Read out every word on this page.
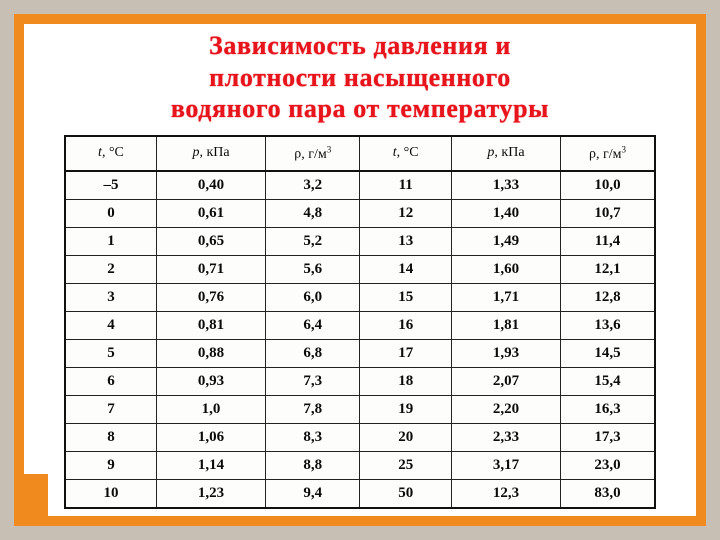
Зависимость давления и
плотности насыщенного
водяного пара от температуры
t, °C	p, кПа	ρ, $г/м^3$	t, °C	p, кПа	ρ, $г/м^3$
–5	0,40	3,2	11	1,33	10,0
0	0,61	4,8	12	1,40	10,7
1	0,65	5,2	13	1,49	11,4
2	0,71	5,6	14	1,60	12,1
3	0,76	6,0	15	1,71	12,8
4	0,81	6,4	16	1,81	13,6
5	0,88	6,8	17	1,93	14,5
6	0,93	7,3	18	2,07	15,4
7	1,0	7,8	19	2,20	16,3
8	1,06	8,3	20	2,33	17,3
9	1,14	8,8	25	3,17	23,0
10	1,23	9,4	50	12,3	83,0
